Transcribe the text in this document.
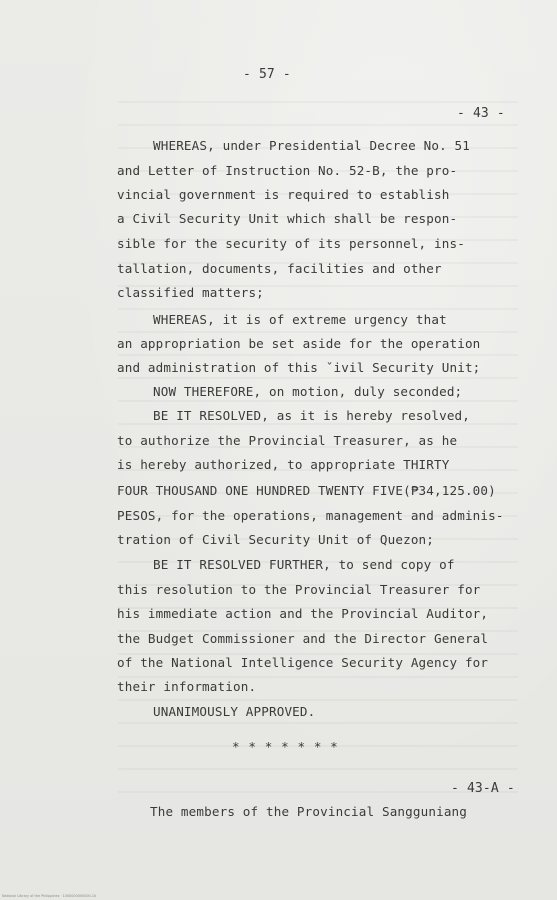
- 57 -
- 43 -
WHEREAS, under Presidential Decree No. 51
and Letter of Instruction No. 52-B, the pro-
vincial government is required to establish
a Civil Security Unit which shall be respon-
sible for the security of its personnel, ins-
tallation, documents, facilities and other
classified matters;
WHEREAS, it is of extreme urgency that
an appropriation be set aside for the operation
and administration of this ˇivil Security Unit;
NOW THEREFORE, on motion, duly seconded;
BE IT RESOLVED, as it is hereby resolved,
to authorize the Provincial Treasurer, as he
is hereby authorized, to appropriate THIRTY
FOUR THOUSAND ONE HUNDRED TWENTY FIVE(₱34,125.00)
PESOS, for the operations, management and adminis-
tration of Civil Security Unit of Quezon;
BE IT RESOLVED FURTHER, to send copy of
this resolution to the Provincial Treasurer for
his immediate action and the Provincial Auditor,
the Budget Commissioner and the Director General
of the National Intelligence Security Agency for
their information.
UNANIMOUSLY APPROVED.
* * * * * * *
- 43-A -
The members of the Provincial Sangguniang
National Library of the Philippines · 1000000000000-10
